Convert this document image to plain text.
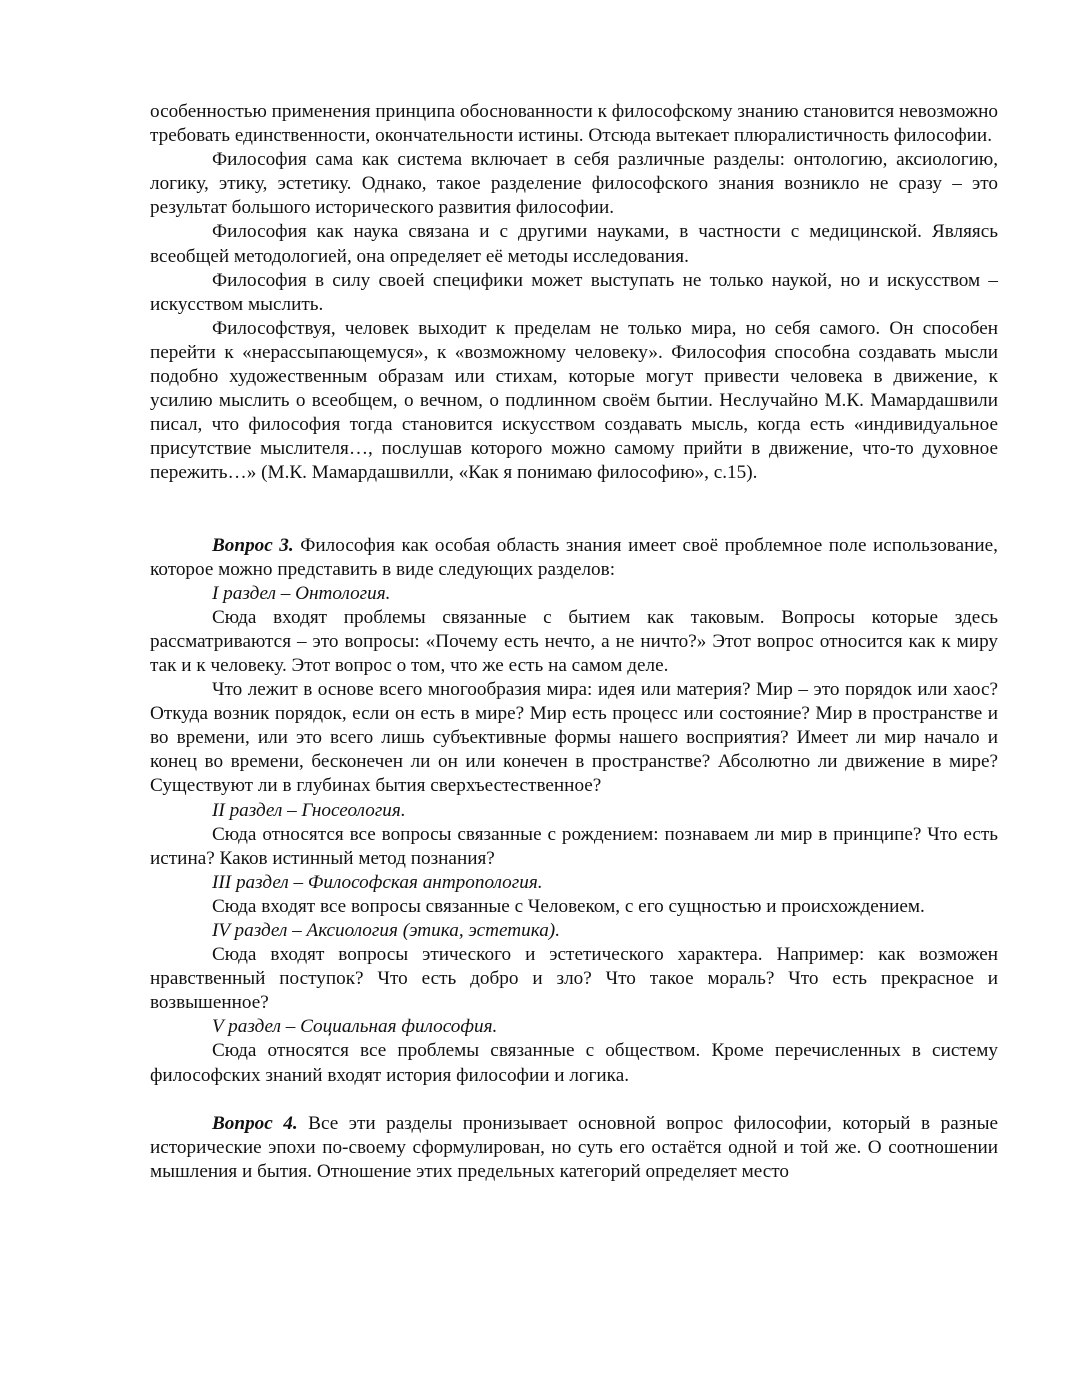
особенностью применения принципа обоснованности к философскому знанию становится невозможно требовать единственности, окончательности истины. Отсюда вытекает плюралистичность философии.

Философия сама как система включает в себя различные разделы: онтологию, аксиологию, логику, этику, эстетику. Однако, такое разделение философского знания возникло не сразу – это результат большого исторического развития философии.

Философия как наука связана и с другими науками, в частности с медицинской. Являясь всеобщей методологией, она определяет её методы исследования.

Философия в силу своей специфики может выступать не только наукой, но и искусством – искусством мыслить.

Философствуя, человек выходит к пределам не только мира, но себя самого. Он способен перейти к «нерассыпающемуся», к «возможному человеку». Философия способна создавать мысли подобно художественным образам или стихам, которые могут привести человека в движение, к усилию мыслить о всеобщем, о вечном, о подлинном своём бытии. Неслучайно М.К. Мамардашвили писал, что философия тогда становится искусством создавать мысль, когда есть «индивидуальное присутствие мыслителя…, послушав которого можно самому прийти в движение, что-то духовное пережить…» (М.К. Мамардашвилли, «Как я понимаю философию», с.15).

Вопрос 3. Философия как особая область знания имеет своё проблемное поле использование, которое можно представить в виде следующих разделов:

I раздел – Онтология.

Сюда входят проблемы связанные с бытием как таковым. Вопросы которые здесь рассматриваются – это вопросы: «Почему есть нечто, а не ничто?» Этот вопрос относится как к миру так и к человеку. Этот вопрос о том, что же есть на самом деле.

Что лежит в основе всего многообразия мира: идея или материя? Мир – это порядок или хаос? Откуда возник порядок, если он есть в мире? Мир есть процесс или состояние? Мир в пространстве и во времени, или это всего лишь субъективные формы нашего восприятия? Имеет ли мир начало и конец во времени, бесконечен ли он или конечен в пространстве? Абсолютно ли движение в мире? Существуют ли в глубинах бытия сверхъестественное?

II раздел – Гносеология.

Сюда относятся все вопросы связанные с рождением: познаваем ли мир в принципе? Что есть истина? Каков истинный метод познания?

III раздел – Философская антропология.

Сюда входят все вопросы связанные с Человеком, с его сущностью и происхождением.

IV раздел – Аксиология (этика, эстетика).

Сюда входят вопросы этического и эстетического характера. Например: как возможен нравственный поступок? Что есть добро и зло? Что такое мораль? Что есть прекрасное и возвышенное?

V раздел – Социальная философия.

Сюда относятся все проблемы связанные с обществом. Кроме перечисленных в систему философских знаний входят история философии и логика.

Вопрос 4. Все эти разделы пронизывает основной вопрос философии, который в разные исторические эпохи по-своему сформулирован, но суть его остаётся одной и той же. О соотношении мышления и бытия. Отношение этих предельных категорий определяет место
